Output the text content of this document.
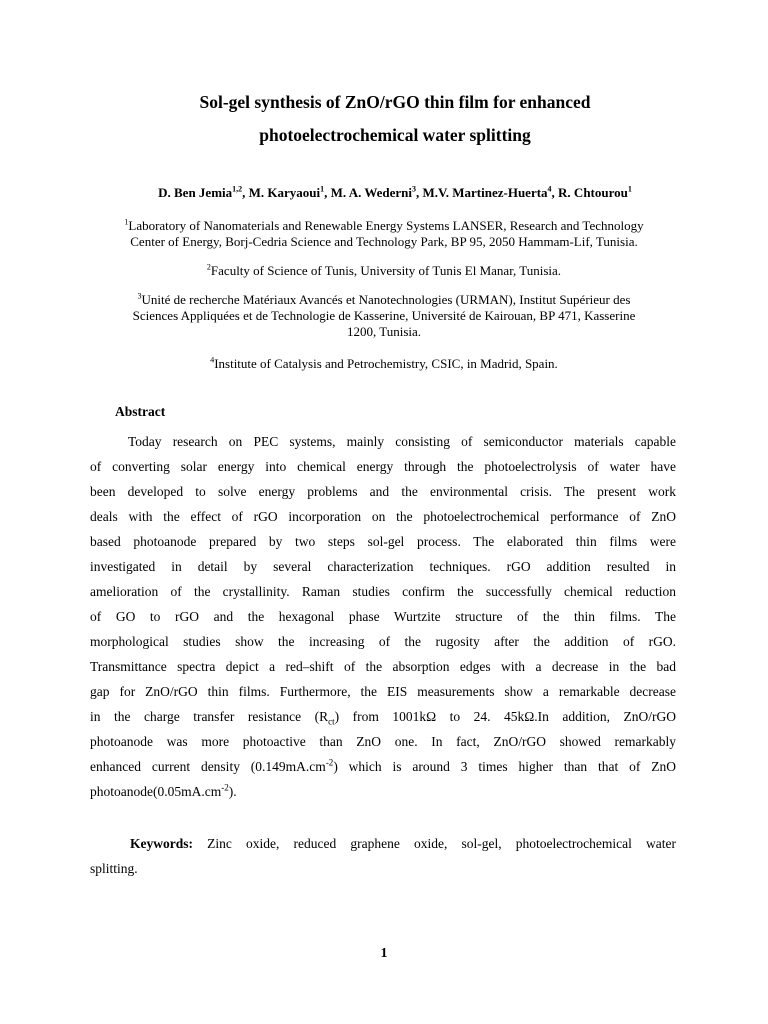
Sol-gel synthesis of ZnO/rGO thin film for enhanced
photoelectrochemical water splitting
D. Ben Jemia$^{1,2}$, M. Karyaoui$^1$, M. A. Wederni$^3$, M.V. Martinez-Huerta$^4$, R. Chtourou$^1$
$^1$Laboratory of Nanomaterials and Renewable Energy Systems LANSER, Research and Technology
Center of Energy, Borj-Cedria Science and Technology Park, BP 95, 2050 Hammam-Lif, Tunisia.
$^2$Faculty of Science of Tunis, University of Tunis El Manar, Tunisia.
$^3$Unité de recherche Matériaux Avancés et Nanotechnologies (URMAN), Institut Supérieur des
Sciences Appliquées et de Technologie de Kasserine, Université de Kairouan, BP 471, Kasserine
1200, Tunisia.
$^4$Institute of Catalysis and Petrochemistry, CSIC, in Madrid, Spain.
Abstract
Today research on PEC systems, mainly consisting of semiconductor materials capable
of converting solar energy into chemical energy through the photoelectrolysis of water have
been developed to solve energy problems and the environmental crisis. The present work
deals with the effect of rGO incorporation on the photoelectrochemical performance of ZnO
based photoanode prepared by two steps sol-gel process. The elaborated thin films were
investigated in detail by several characterization techniques. rGO addition resulted in
amelioration of the crystallinity. Raman studies confirm the successfully chemical reduction
of GO to rGO and the hexagonal phase Wurtzite structure of the thin films. The
morphological studies show the increasing of the rugosity after the addition of rGO.
Transmittance spectra depict a red–shift of the absorption edges with a decrease in the bad
gap for ZnO/rGO thin films. Furthermore, the EIS measurements show a remarkable decrease
in the charge transfer resistance $(R_{ct})$ from 1001kΩ to 24. 45kΩ.In addition, ZnO/rGO
photoanode was more photoactive than ZnO one. In fact, ZnO/rGO showed remarkably
enhanced current density $(0.149mA.cm^{-2})$ which is around 3 times higher than that of ZnO
$photoanode(0.05mA.cm^{-2})$.
Keywords: Zinc oxide, reduced graphene oxide, sol-gel, photoelectrochemical water
splitting.
1
